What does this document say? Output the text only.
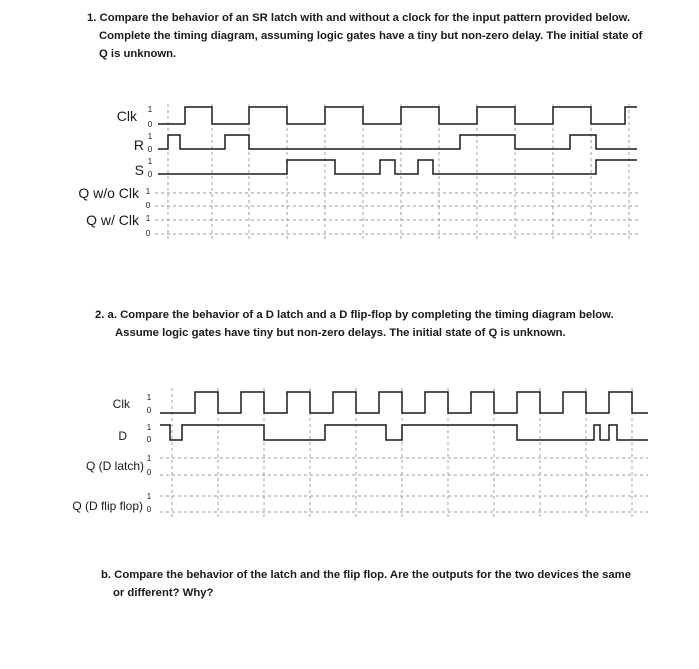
1. Compare the behavior of an SR latch with and without a clock for the input pattern provided below.
Complete the timing diagram, assuming logic gates have a tiny but non-zero delay. The initial state of
Q is unknown.
2. a. Compare the behavior of a D latch and a D flip-flop by completing the timing diagram below.
Assume logic gates have tiny but non-zero delays. The initial state of Q is unknown.
b. Compare the behavior of the latch and the flip flop. Are the outputs for the two devices the same
or different? Why?
Clk 1
0
R
1
0
S
1
0
Q w/o Clk 1
0
Q w/ Clk 1
0
Clk 1
0
D
1
0
Q (D latch)
1
0
Q (D flip flop)
1
0
